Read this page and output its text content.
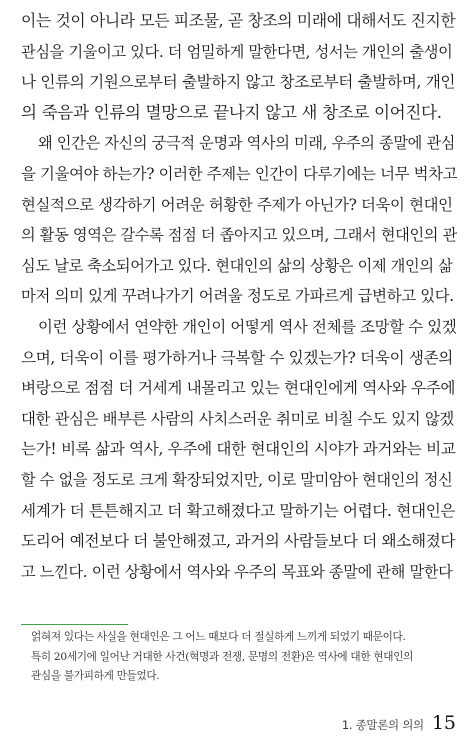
이는 것이 아니라 모든 피조물, 곧 창조의 미래에 대해서도 진지한
관심을 기울이고 있다. 더 엄밀하게 말한다면, 성서는 개인의 출생이
나 인류의 기원으로부터 출발하지 않고 창조로부터 출발하며, 개인
의 죽음과 인류의 멸망으로 끝나지 않고 새 창조로 이어진다.
왜 인간은 자신의 궁극적 운명과 역사의 미래, 우주의 종말에 관심
을 기울여야 하는가? 이러한 주제는 인간이 다루기에는 너무 벅차고
현실적으로 생각하기 어려운 허황한 주제가 아닌가? 더욱이 현대인
의 활동 영역은 갈수록 점점 더 좁아지고 있으며, 그래서 현대인의 관
심도 날로 축소되어가고 있다. 현대인의 삶의 상황은 이제 개인의 삶
마저 의미 있게 꾸려나가기 어려울 정도로 가파르게 급변하고 있다.
이런 상황에서 연약한 개인이 어떻게 역사 전체를 조망할 수 있겠
으며, 더욱이 이를 평가하거나 극복할 수 있겠는가? 더욱이 생존의
벼랑으로 점점 더 거세게 내몰리고 있는 현대인에게 역사와 우주에
대한 관심은 배부른 사람의 사치스러운 취미로 비칠 수도 있지 않겠
는가! 비록 삶과 역사, 우주에 대한 현대인의 시야가 과거와는 비교
할 수 없을 정도로 크게 확장되었지만, 이로 말미암아 현대인의 정신
세계가 더 튼튼해지고 더 확고해졌다고 말하기는 어렵다. 현대인은
도리어 예전보다 더 불안해졌고, 과거의 사람들보다 더 왜소해졌다
고 느낀다. 이런 상황에서 역사와 우주의 목표와 종말에 관해 말한다
얽혀져 있다는 사실을 현대인은 그 어느 때보다 더 절실하게 느끼게 되었기 때문이다.
특히 20세기에 일어난 거대한 사건(혁명과 전쟁, 문명의 전환)은 역사에 대한 현대인의
관심을 불가피하게 만들었다.
1. 종말론의 의의 15
